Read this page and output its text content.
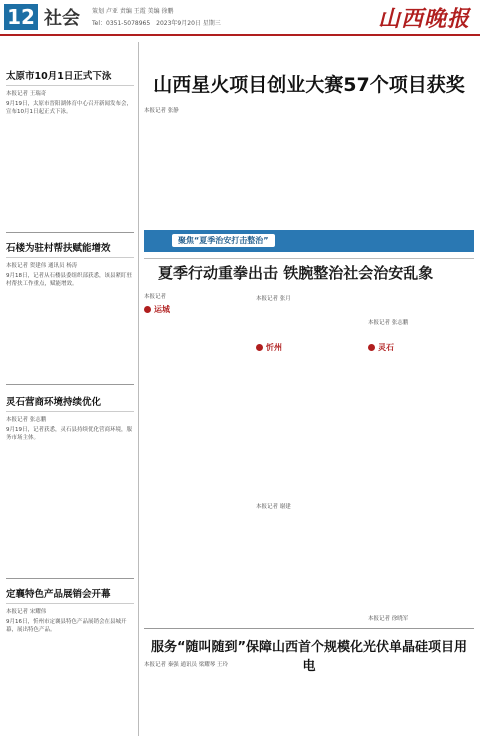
12 社会 策划 卢亚 责编 王霞 美编 徐鹏
Tel：0351-5078965　2023年9月20日 星期三	山西晚报
太原市10月1日正式下泳
本报记者 王瑞奇
9月19日，太原市晋阳湖体育中心召开新闻发布会，宣布10月1日起正式下泳。
石楼为驻村帮扶赋能增效
本报记者 贺建伟 通讯员 杨涛
9月18日，记者从石楼县委组织部获悉，该县紧盯驻村帮扶工作重点，赋能增效。
灵石营商环境持续优化
本报记者 张志鹏
9月19日，记者获悉，灵石县持续优化营商环境，服务市场主体。
定襄特色产品展销会开幕
本报记者 宋耀伟
9月16日，忻州市定襄县特色产品展销会在县城开幕，展出特色产品。
山西星火项目创业大赛57个项目获奖
本报记者 张静
聚焦“夏季治安打击整治”
夏季行动重拳出击 铁腕整治社会治安乱象
本报记者
运城
忻州	灵石
本报记者 张月
本报记者 谢建
本报记者 张志鹏
本报记者 徐晓军
服务“随叫随到”保障山西首个规模化光伏单晶硅项目用电
本报记者 秦强 通讯员 梁耀琴 王玲
